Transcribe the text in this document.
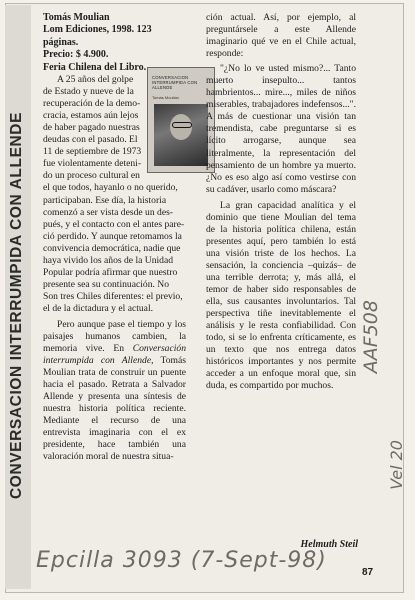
CONVERSACION INTERRUMPIDA CON ALLENDE

Tomás Moulian

Lom Ediciones, 1998. 123 páginas.

Precio: $ 4.900.

Feria Chilena del Libro.

A 25 años del golpe
de Estado y nueve de la
recuperación de la demo-
cracia, estamos aún lejos
de haber pagado nuestras
deudas con el pasado. El
11 de septiembre de 1973
fue violentamente deteni-
do un proceso cultural en
el que todos, hayanlo o no querido,
participaban. Ese día, la historia
comenzó a ser vista desde un des-
pués, y el contacto con el antes pare-
ció perdido. Y aunque retomamos la
convivencia democrática, nadie que
haya vivido los años de la Unidad
Popular podría afirmar que nuestro
presente sea su continuación. No
Son tres Chiles diferentes: el previo,
el de la dictadura y el actual.

Pero aunque pase el tiempo y los paisajes humanos cambien, la memoria vive. En Conversación interrumpida con Allende, Tomás Moulian trata de construir un puente hacia el pasado. Retrata a Salvador Allende y presenta una síntesis de nuestra historia política reciente. Mediante el recurso de una entrevista imaginaria con el ex presidente, hace también una valoración moral de nuestra situa-

CONVERSACION INTERRUMPIDA CON ALLENDE
Tomás Moulian

ción actual. Así, por ejemplo, al preguntársele a este Allende imaginario qué ve en el Chile actual, responde:

"¿No lo ve usted mismo?... Tanto muerto insepulto... tantos hambrientos... mire..., miles de niños miserables, trabajadores indefensos...". A más de cuestionar una visión tan tremendista, cabe preguntarse si es lícito arrogarse, aunque sea literalmente, la representación del pensamiento de un hombre ya muerto. ¿No es eso algo así como vestirse con su cadáver, usarlo como máscara?

La gran capacidad analítica y el dominio que tiene Moulian del tema de la historia política chilena, están presentes aquí, pero también lo está una visión triste de los hechos. La sensación, la conciencia –quizás– de una terrible derrota; y, más allá, el temor de haber sido responsables de ella, sus causantes involuntarios. Tal perspectiva tiñe inevitablemente el análisis y le resta confiabilidad. Con todo, si se lo enfrenta críticamente, es un texto que nos entrega datos históricos importantes y nos permite acceder a un enfoque moral que, sin duda, es compartido por muchos.

Helmuth Steil
87
Epcilla 3093 (7-Sept-98)
AAF508
Vel 20
